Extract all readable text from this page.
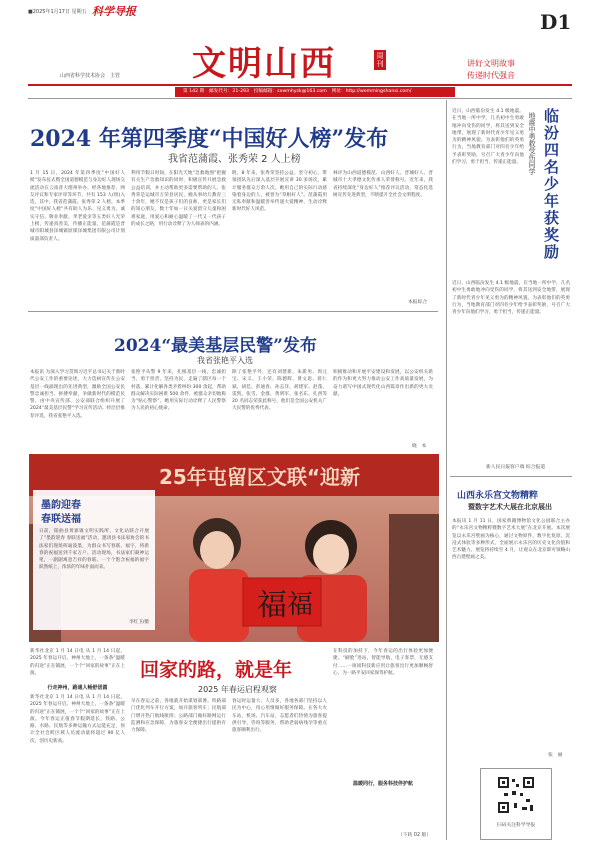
■2025年1月17日 星期五 科学导报
山西省科学技术协会　主管 文明山西	周刊
D1
讲好文明故事
传递时代强音
第 142 期　邮发代号：21-293　投稿邮箱：sxwmhyzk@163.com　网址：http://wemmingshanxi.com/
2024 年第四季度“中国好人榜”发布
我省范蒲霞、张秀荣 2 人上榜
1 月 15 日，2024 年第四季度“中国好人榜”发布仪式暨全国道德模范与身边好人现场交流活动在云南普大理州举办。经各地推荐、网友评议和专家评审等环节，共有 153 人(组)入选，其中，我省范蒲霞、张秀荣 2 人榜。本季度“中国好人榜”共有助人为乐、见义勇为、诚实守信、敬业奉献、孝老爱亲等五类好人光荣上榜，传递真善美，传播正能量。范蒲霞是晋城市阳城县泽城镇原煤泽城集团有限公司计划质量部负责人。
利用节假日时间，在阳光天地“急救地图”把握有关生产急救知识的同时，积极宣传开展急救公益培训，并主动帮助更多需要帮助的人。张秀荣是运城市万荣县居民，她从事幼儿教育三十余年，她不仅是孩子们的良师，更是家长们的知心朋友，数十年如一日关爱留守儿童和困难家庭，用爱心和耐心温暖了一代又一代孩子的成长之路，用行动诠释了为人师表的内涵。
附，8 年来，张秀荣坚持公益，坚守初心，带领团队先后深入基层开展宣讲 30 多场次，累计服务群众万余人次。她用自己的实际行动感染着身边的人，被誉为“草根好人”。范蒲霞用无私奉献和温暖善举传递大爱精神，生动诠释新时代好人风范。
林评为山西道德模范、山西好人、晋城好人、晋城市十大孝德文化传承人荣誉称号。近年来，我省持续深化“身边好人”推荐评议活动，常态化选树宣传先进典型，不断提升全社会文明程度。
本报综合
2024“最美基层民警”发布
我省张艳平入选
本报讯 为深入学习贯彻习近平总书记关于新时代公安工作的重要论述，大力选树宣传在公安基层一线涌现出的先进典型，激励全国公安民警忠诚担当、拼搏奉献，争做新时代的模范民警，由中央宣传部、公安部联合组织开展了2024“最美基层民警”学习宣传活动。经层层推荐评选，我省张艳平入选。
张艳平从警 9 年来，扎根基层一线，忠诚担当，勇于担责，坚持为民，走遍了辖区每一个村落，累计化解各类矛盾纠纷 300 余起，帮助群众解决实际困难 500 余件，被群众亲切地称为“贴心警察”。她用实际行动诠释了人民警察为人民的初心使命。
除了张艳平外，还有刘建新、朱新男、周元宝、宋义、王小荣、陈德辉、黄文思、蒋仁斌、胡佳、彭通春、孙志洋、胡建军、赵蓬、雷凯、张雪、金群、黄明军、张名东、扎西等 20 名同志荣获此称号，他们是全国公安机关广大民警的优秀代表。
积极推动和开展平安建设和发展，以公安机关新的作为和更大努力推动公安工作高质量发展，为奋力谱写中国式现代化山西篇章作出新的更大贡献。
晓　本
25年屯留区文联“迎新
福 福
墨韵迎春
春联送福
日前，阳曲县黄寨镇文明实践所、文化站联合开展了“墨韵迎春 春联送福”活动，邀请县书法家协会的书法家们现场挥毫泼墨，为群众书写春联、福字，将新春的祝福送到千家万户。活动现场，书法家们凝神运笔，一副副寓意吉祥的春联、一个个饱含祝福的福字跃然纸上，浓浓的年味扑面而来。
李红卫/摄
新华社北京 1 月 14 日电 从 1 月 14 日起，2025 年春运开启。神州大地上，一条条“温暖的归途”正在铺展，一个个“回家的故事”正在上演。
行走神州，路通人畅舒团圆
新华社北京 1 月 14 日电 从 1 月 14 日起，2025 年春运开启。神州大地上，一条条“温暖的归途”正在铺展，一个个“回家的故事”正在上演。今年春运正值春节假期延长，铁路、公路、水路、民航等多种运输方式运能充足，预计全社会跨区域人员流动量将超过 90 亿人次，创历史新高。
回家的路，就是年
2025 年春运启程观察
早在春运之前，各地就开始谋划部署。铁路部门优化列车开行方案，加开旅客列车；民航部门增开热门航线航班；公路部门做好路网运行监测和应急保障，为旅客安全便捷出行提供有力保障。
春运时运量大、人员多，各地各部门坚持以人民为中心，用心用情做好服务保障。在各大火车站、机场、汽车站，志愿者们热情为旅客提供引导、咨询等服务，帮助老弱病残孕等重点旅客顺利出行。
在科技的加持下，今年春运的出行体验更加便捷。“刷脸”进站、智能导航、电子客票、无感支付……一项项科技新应用让旅客出行更加顺畅舒心，为一路平安回家保驾护航。
温暖同行，服务科技伴护航
（下转 02 版）
近日，山西临汾发生 4.1 级地震。在当地一所中学，几名初中生勇敢地冲向受伤的同学，将其送到安全地带，展现了新时代青少年见义勇为的精神风貌。为表彰他们的英勇行为，当地教育部门对四名少年给予表彰奖励，号召广大青少年向他们学习，勇于担当，传递正能量。 临汾四名少年获奖励
地震中勇救受伤同学
近日，山西临汾发生 4.1 级地震。在当地一所中学，几名初中生勇敢地冲向受伤的同学，将其送到安全地带，展现了新时代青少年见义勇为的精神风貌。为表彰他们的英勇行为，当地教育部门对四名少年给予表彰奖励，号召广大青少年向他们学习，勇于担当，传递正能量。
新人民日报客户端 综合报道
山西永乐宫文物精粹
暨数字艺术大展在北京展出
本报讯 1 月 11 日，国家典籍博物馆文化公园联合主办的“永乐宫文物精粹暨数字艺术大展”在北京开展。本次展览以永乐宫壁画为核心，通过文物原件、数字化复原、沉浸式体验等多种形式，全面展示永乐宫的历史文化价值和艺术魅力。展览将持续至 4 月，让观众在北京即可领略山西古建壁画之美。
张　丽
扫码关注科学导报
